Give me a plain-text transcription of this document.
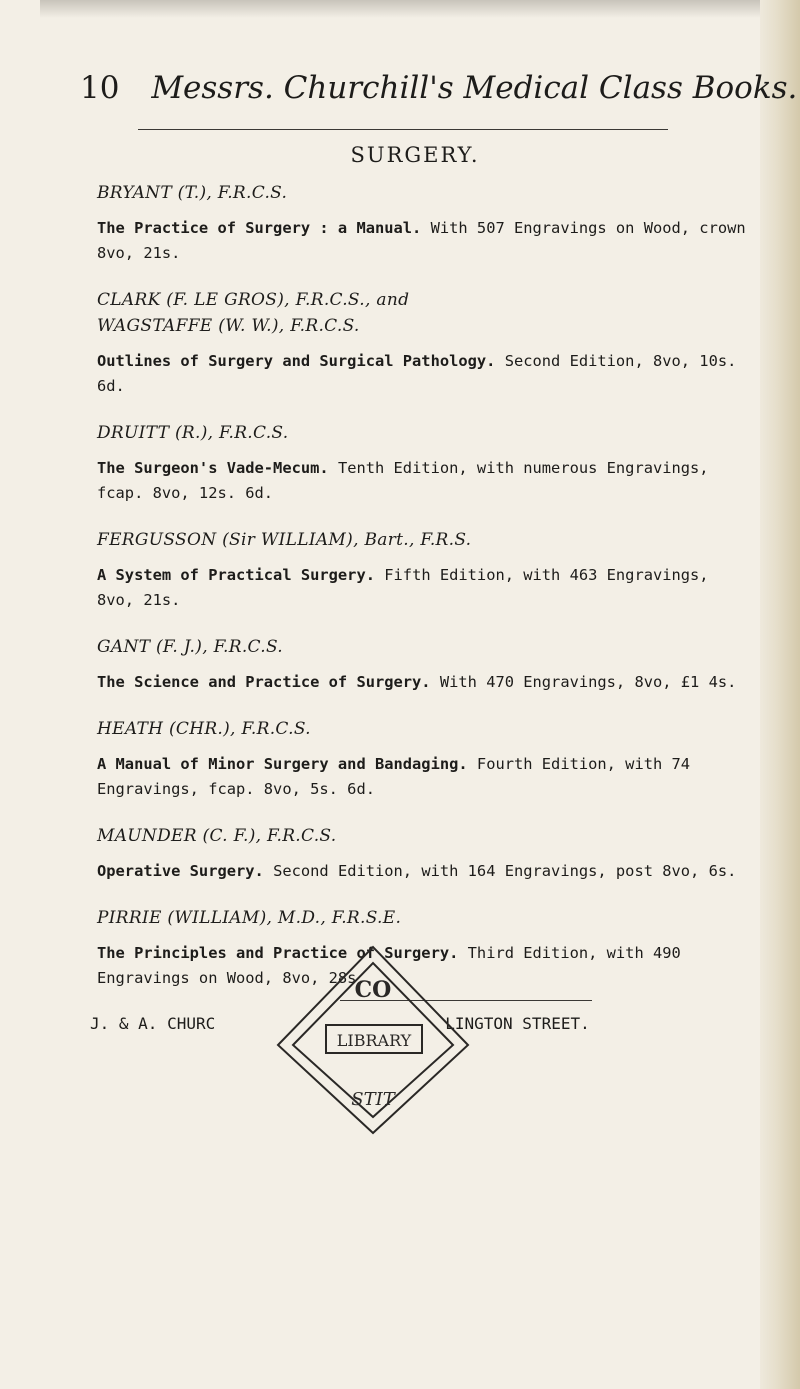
10 Messrs. Churchill's Medical Class Books.
SURGERY.
BRYANT (T.), F.R.C.S.
The Practice of Surgery : a Manual. With 507 Engravings on Wood, crown 8vo, 21s.
CLARK (F. LE GROS), F.R.C.S., and
WAGSTAFFE (W. W.), F.R.C.S.
Outlines of Surgery and Surgical Pathology. Second Edition, 8vo, 10s. 6d.
DRUITT (R.), F.R.C.S.
The Surgeon's Vade-Mecum. Tenth Edition, with numerous Engravings, fcap. 8vo, 12s. 6d.
FERGUSSON (Sir WILLIAM), Bart., F.R.S.
A System of Practical Surgery. Fifth Edition, with 463 Engravings, 8vo, 21s.
GANT (F. J.), F.R.C.S.
The Science and Practice of Surgery. With 470 Engravings, 8vo, £1 4s.
HEATH (CHR.), F.R.C.S.
A Manual of Minor Surgery and Bandaging. Fourth Edition, with 74 Engravings, fcap. 8vo, 5s. 6d.
MAUNDER (C. F.), F.R.C.S.
Operative Surgery. Second Edition, with 164 Engravings, post 8vo, 6s.
PIRRIE (WILLIAM), M.D., F.R.S.E.
The Principles and Practice of Surgery. Third Edition, with 490 Engravings on Wood, 8vo, 28s.
J. & A. CHURC	LINGTON STREET.
CO
LIBRARY
STIT
